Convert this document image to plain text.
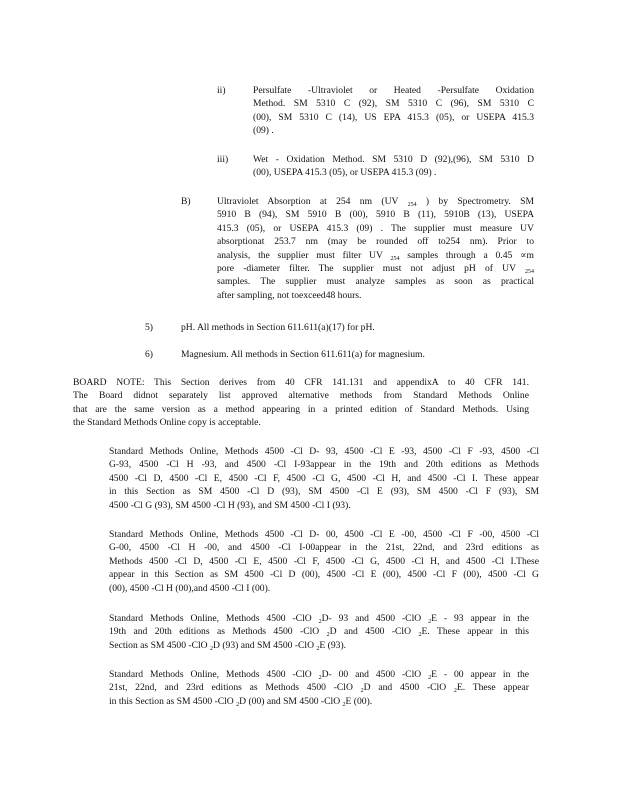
ii)	Persulfate -Ultraviolet or Heated -Persulfate Oxidation
Method. SM 5310 C (92), SM 5310 C (96), SM 5310 C
(00), SM 5310 C (14), US EPA 415.3 (05), or USEPA 415.3
(09) .
iii)	Wet - Oxidation Method. SM 5310 D (92),(96), SM 5310 D
(00), USEPA 415.3 (05), or USEPA 415.3 (09) .
B)	Ultraviolet Absorption at 254 nm (UV $_{254}$ ) by Spectrometry. SM
5910 B (94), SM 5910 B (00), 5910 B (11), 5910B (13), USEPA
415.3 (05), or USEPA 415.3 (09) . The supplier must measure UV
absorptionat 253.7 nm (may be rounded off to254 nm). Prior to
analysis, the supplier must filter UV $_{254}$ samples through a 0.45 ∝m
pore -diameter filter. The supplier must not adjust pH of UV $_{254}$
samples. The supplier must analyze samples as soon as practical
after sampling, not toexceed48 hours.
5)	pH. All methods in Section 611.611(a)(17) for pH.
6)	Magnesium. All methods in Section 611.611(a) for magnesium.
BOARD NOTE: This Section derives from 40 CFR 141.131 and appendixA to 40 CFR 141.
The Board didnot separately list approved alternative methods from Standard Methods Online
that are the same version as a method appearing in a printed edition of Standard Methods. Using
the Standard Methods Online copy is acceptable.
Standard Methods Online, Methods 4500 -Cl D- 93, 4500 -Cl E -93, 4500 -Cl F -93, 4500 -Cl
G-93, 4500 -Cl H -93, and 4500 -Cl I-93appear in the 19th and 20th editions as Methods
4500 -Cl D, 4500 -Cl E, 4500 -Cl F, 4500 -Cl G, 4500 -Cl H, and 4500 -Cl I. These appear
in this Section as SM 4500 -Cl D (93), SM 4500 -Cl E (93), SM 4500 -Cl F (93), SM
4500 -Cl G (93), SM 4500 -Cl H (93), and SM 4500 -Cl I (93).
Standard Methods Online, Methods 4500 -Cl D- 00, 4500 -Cl E -00, 4500 -Cl F -00, 4500 -Cl
G-00, 4500 -Cl H -00, and 4500 -Cl I-00appear in the 21st, 22nd, and 23rd editions as
Methods 4500 -Cl D, 4500 -Cl E, 4500 -Cl F, 4500 -Cl G, 4500 -Cl H, and 4500 -Cl I.These
appear in this Section as SM 4500 -Cl D (00), 4500 -Cl E (00), 4500 -Cl F (00), 4500 -Cl G
(00), 4500 -Cl H (00),and 4500 -Cl I (00).
Standard Methods Online, Methods 4500 -ClO $_2$D- 93 and 4500 -ClO $_2$E - 93 appear in the
19th and 20th editions as Methods 4500 -ClO $_2$D and 4500 -ClO $_2$E. These appear in this
Section as SM 4500 -ClO $_2$D (93) and SM 4500 -ClO $_2$E (93).
Standard Methods Online, Methods 4500 -ClO $_2$D- 00 and 4500 -ClO $_2$E - 00 appear in the
21st, 22nd, and 23rd editions as Methods 4500 -ClO $_2$D and 4500 -ClO $_2$E. These appear
in this Section as SM 4500 -ClO $_2$D (00) and SM 4500 -ClO $_2$E (00).
